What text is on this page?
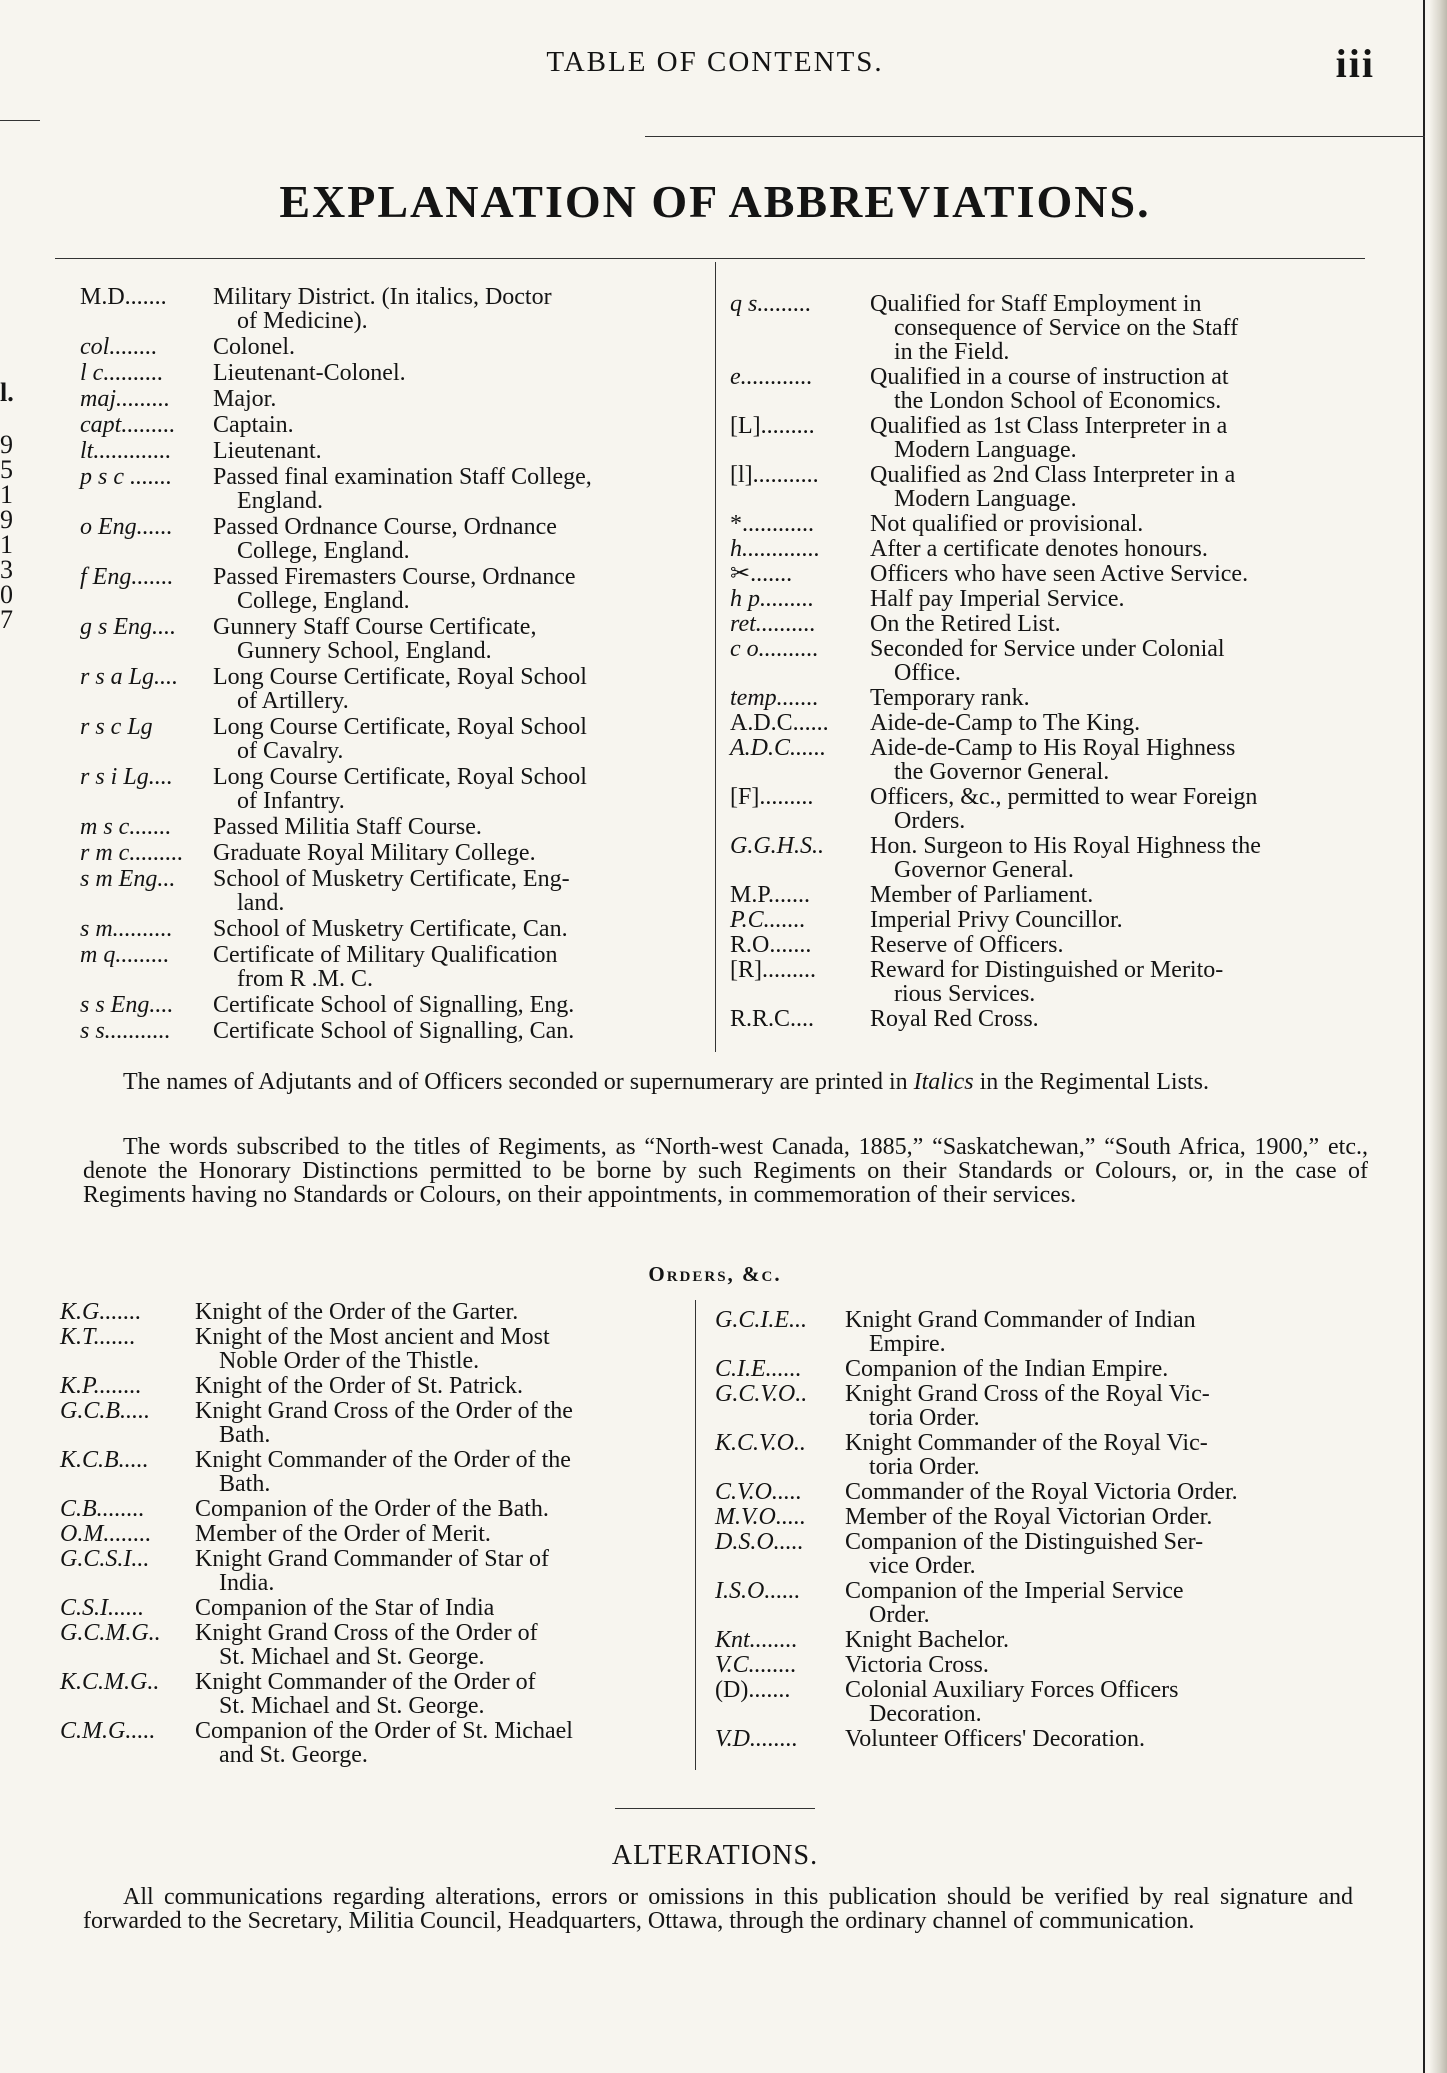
l.
9
5
1
9
1
3
0
7
TABLE OF CONTENTS.	iii
EXPLANATION OF ABBREVIATIONS.
M.D....... Military District. (In italics, Doctor
of Medicine).
col........ Colonel.
l c.......... Lieutenant-Colonel.
maj......... Major.
capt......... Captain.
lt............. Lieutenant.
p s c ....... Passed final examination Staff College,
England.
o Eng...... Passed Ordnance Course, Ordnance
College, England.
f Eng....... Passed Firemasters Course, Ordnance
College, England.
g s Eng.... Gunnery Staff Course Certificate,
Gunnery School, England.
r s a Lg.... Long Course Certificate, Royal School
of Artillery.
r s c Lg	Long Course Certificate, Royal School
of Cavalry.
r s i Lg.... Long Course Certificate, Royal School
of Infantry.
m s c....... Passed Militia Staff Course.
r m c......... Graduate Royal Military College.
s m Eng... School of Musketry Certificate, Eng-
land.
s m.......... School of Musketry Certificate, Can.
m q......... Certificate of Military Qualification
from R .M. C.
s s Eng.... Certificate School of Signalling, Eng.
s s........... Certificate School of Signalling, Can.
q s......... Qualified for Staff Employment in
consequence of Service on the Staff
in the Field.
e............ Qualified in a course of instruction at
the London School of Economics.
[L]......... Qualified as 1st Class Interpreter in a
Modern Language.
[l]........... Qualified as 2nd Class Interpreter in a
Modern Language.
*............ Not qualified or provisional.
h............. After a certificate denotes honours.
✂.......	Officers who have seen Active Service.
h p......... Half pay Imperial Service.
ret.......... On the Retired List.
c o.......... Seconded for Service under Colonial
Office.
temp....... Temporary rank.
A.D.C...... Aide-de-Camp to The King.
A.D.C...... Aide-de-Camp to His Royal Highness
the Governor General.
[F]......... Officers, &c., permitted to wear Foreign
Orders.
G.G.H.S.. Hon. Surgeon to His Royal Highness the
Governor General.
M.P....... Member of Parliament.
P.C.......	Imperial Privy Councillor.
R.O....... Reserve of Officers.
[R]......... Reward for Distinguished or Merito-
rious Services.
R.R.C.... Royal Red Cross.

The names of Adjutants and of Officers seconded or supernumerary are printed in Italics in the Regimental Lists.

The words subscribed to the titles of Regiments, as “North-west Canada, 1885,” “Saskatchewan,” “South Africa, 1900,” etc., denote the Honorary Distinctions permitted to be borne by such Regiments on their Standards or Colours, or, in the case of Regiments having no Standards or Colours, on their appointments, in commemoration of their services.

Orders, &c.
K.G....... Knight of the Order of the Garter.
K.T....... Knight of the Most ancient and Most
Noble Order of the Thistle.
K.P........ Knight of the Order of St. Patrick.
G.C.B..... Knight Grand Cross of the Order of the
Bath.
K.C.B..... Knight Commander of the Order of the
Bath.
C.B........ Companion of the Order of the Bath.
O.M........ Member of the Order of Merit.
G.C.S.I... Knight Grand Commander of Star of
India.
C.S.I...... Companion of the Star of India
G.C.M.G.. Knight Grand Cross of the Order of
St. Michael and St. George.
K.C.M.G.. Knight Commander of the Order of
St. Michael and St. George.
C.M.G..... Companion of the Order of St. Michael
and St. George.
G.C.I.E... Knight Grand Commander of Indian
Empire.
C.I.E...... Companion of the Indian Empire.
G.C.V.O.. Knight Grand Cross of the Royal Vic-
toria Order.
K.C.V.O.. Knight Commander of the Royal Vic-
toria Order.
C.V.O..... Commander of the Royal Victoria Order.
M.V.O..... Member of the Royal Victorian Order.
D.S.O..... Companion of the Distinguished Ser-
vice Order.
I.S.O...... Companion of the Imperial Service
Order.
Knt........ Knight Bachelor.
V.C........ Victoria Cross.
(D)....... Colonial Auxiliary Forces Officers
Decoration.
V.D........ Volunteer Officers' Decoration.
ALTERATIONS.

All communications regarding alterations, errors or omissions in this publication should be verified by real signature and forwarded to the Secretary, Militia Council, Headquarters, Ottawa, through the ordinary channel of communication.
